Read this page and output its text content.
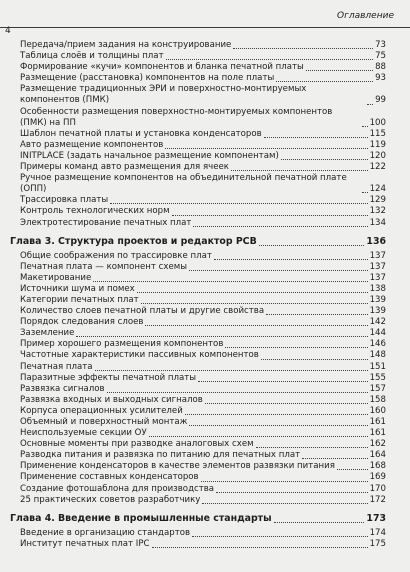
4
Оглавление
Передача/прием задания на конструирование	73
Таблица слоёв и толщины плат	75
Формирование «кучи» компонентов и бланка печатной платы	88
Размещение (расстановка) компонентов на поле платы	93
Размещение традиционных ЭРИ и поверхностно-монтируемых компонентов (ПМК)	99
Особенности размещения поверхностно-монтируемых компонентов (ПМК) на ПП	100
Шаблон печатной платы и установка конденсаторов	115
Авто размещение компонентов	119
INITPLACE (задать начальное размещение компонентам)	120
Примеры команд авто размещения для ячеек	122
Ручное размещение компонентов на объединительной печатной плате (ОПП)	124
Трассировка платы	129
Контроль технологических норм	132
Электротестирование печатных плат	134
Глава 3. Структура проектов и редактор PCB	136
Общие соображения по трассировке плат	137
Печатная плата — компонент схемы	137
Макетирование	137
Источники шума и помех	138
Категории печатных плат	139
Количество слоев печатной платы и другие свойства	139
Порядок следования слоев	142
Заземление	144
Пример хорошего размещения компонентов	146
Частотные характеристики пассивных компонентов	148
Печатная плата	151
Паразитные эффекты печатной платы	155
Развязка сигналов	157
Развязка входных и выходных сигналов	158
Корпуса операционных усилителей	160
Объемный и поверхностный монтаж	161
Неиспользуемые секции ОУ	161
Основные моменты при разводке аналоговых схем	162
Разводка питания и развязка по питанию для печатных плат	164
Применение конденсаторов в качестве элементов развязки питания	168
Применение составных конденсаторов	169
Создание фотошаблона для производства	170
25 практических советов разработчику	172
Глава 4. Введение в промышленные стандарты	173
Введение в организацию стандартов	174
Институт печатных плат IPC	175
